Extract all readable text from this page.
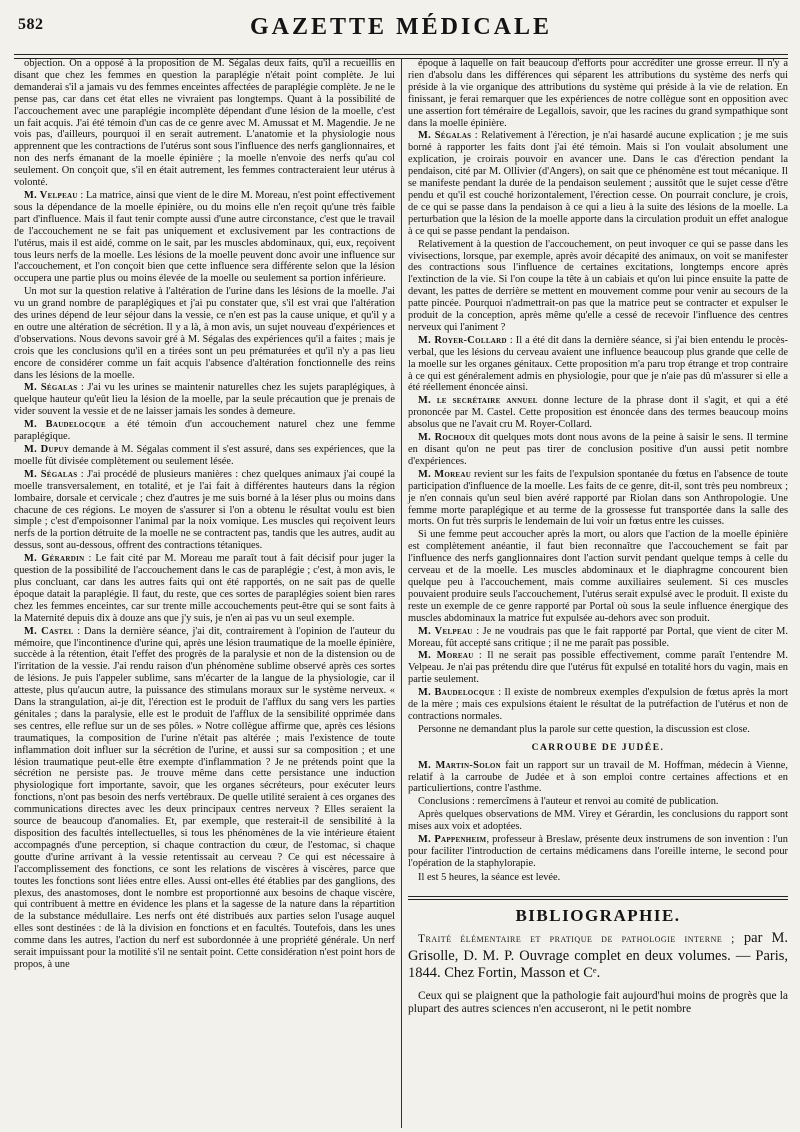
582	GAZETTE MÉDICALE
objection. On a opposé à la proposition de M. Ségalas deux faits, qu'il a recueillis en disant que chez les femmes en question la paraplégie n'était point complète. Je lui demanderai s'il a jamais vu des femmes enceintes affectées de paraplégie complète. Je ne le pense pas, car dans cet état elles ne vivraient pas longtemps. Quant à la possibilité de l'accouchement avec une paraplégie incomplète dépendant d'une lésion de la moelle, c'est un fait acquis. J'ai été témoin d'un cas de ce genre avec M. Amussat et M. Magendie. Je ne vois pas, d'ailleurs, pourquoi il en serait autrement. L'anatomie et la physiologie nous apprennent que les contractions de l'utérus sont sous l'influence des nerfs ganglionnaires, et non des nerfs émanant de la moelle épinière ; la moelle n'envoie des nerfs qu'au col seulement. On conçoit que, s'il en était autrement, les femmes contracteraient leur utérus à volonté.
M. Velpeau : La matrice, ainsi que vient de le dire M. Moreau, n'est point effectivement sous la dépendance de la moelle épinière, ou du moins elle n'en reçoit qu'une très faible part d'influence. Mais il faut tenir compte aussi d'une autre circonstance, c'est que le travail de l'accouchement ne se fait pas uniquement et exclusivement par les contractions de l'utérus, mais il est aidé, comme on le sait, par les muscles abdominaux, qui, eux, reçoivent tous leurs nerfs de la moelle. Les lésions de la moelle peuvent donc avoir une influence sur l'accouchement, et l'on conçoit bien que cette influence sera différente selon que la lésion occupera une partie plus ou moins élevée de la moelle ou seulement sa portion inférieure.
Un mot sur la question relative à l'altération de l'urine dans les lésions de la moelle. J'ai vu un grand nombre de paraplégiques et j'ai pu constater que, s'il est vrai que l'altération des urines dépend de leur séjour dans la vessie, ce n'en est pas la cause unique, et qu'il y a en outre une altération de sécrétion. Il y a là, à mon avis, un sujet nouveau d'expériences et d'observations. Nous devons savoir gré à M. Ségalas des expériences qu'il a faites ; mais je crois que les conclusions qu'il en a tirées sont un peu prématurées et qu'il n'y a pas lieu encore de considérer comme un fait acquis l'absence d'altération fonctionnelle des reins dans les lésions de la moelle.
M. Ségalas : J'ai vu les urines se maintenir naturelles chez les sujets paraplégiques, à quelque hauteur qu'eût lieu la lésion de la moelle, par la seule précaution que je prenais de vider souvent la vessie et de ne laisser jamais les sondes à demeure.
M. Baudelocque a été témoin d'un accouchement naturel chez une femme paraplégique.
M. Dupuy demande à M. Ségalas comment il s'est assuré, dans ses expériences, que la moelle fût divisée complètement ou seulement lésée.
M. Ségalas : J'ai procédé de plusieurs manières : chez quelques animaux j'ai coupé la moelle transversalement, en totalité, et je l'ai fait à différentes hauteurs dans la région lombaire, dorsale et cervicale ; chez d'autres je me suis borné à la léser plus ou moins dans chacune de ces régions. Le moyen de s'assurer si l'on a obtenu le résultat voulu est bien simple ; c'est d'empoisonner l'animal par la noix vomique. Les muscles qui reçoivent leurs nerfs de la portion détruite de la moelle ne se contractent pas, tandis que les autres, audit au dessus, sont au-dessous, offrent des contractions tétaniques.
M. Gérardin : Le fait cité par M. Moreau me paraît tout à fait décisif pour juger la question de la possibilité de l'accouchement dans le cas de paraplégie ; c'est, à mon avis, le plus concluant, car dans les autres faits qui ont été rapportés, on ne sait pas de quelle époque datait la paraplégie. Il faut, du reste, que ces sortes de paraplégies soient bien rares chez les femmes enceintes, car sur trente mille accouchements peut-être qui se sont faits à la Maternité depuis dix à douze ans que j'y suis, je n'en ai pas vu un seul exemple.
M. Castel : Dans la dernière séance, j'ai dit, contrairement à l'opinion de l'auteur du mémoire, que l'incontinence d'urine qui, après une lésion traumatique de la moelle épinière, succède à la rétention, était l'effet des progrès de la paralysie et non de la distension ou de l'irritation de la vessie. J'ai rendu raison d'un phénomène sublime observé après ces sortes de lésions. Je puis l'appeler sublime, sans m'écarter de la langue de la physiologie, car il atteste, plus qu'aucun autre, la puissance des stimulans moraux sur le système nerveux. « Dans la strangulation, ai-je dit, l'érection est le produit de l'afflux du sang vers les parties génitales ; dans la paralysie, elle est le produit de l'afflux de la sensibilité opprimée dans ses centres, elle reflue sur un de ses pôles. » Notre collègue affirme que, après ces lésions traumatiques, la composition de l'urine n'était pas altérée ; mais l'existence de toute inflammation doit influer sur la sécrétion de l'urine, et aussi sur sa composition ; et une lésion traumatique peut-elle être exempte d'inflammation ? Je ne prétends point que la sécrétion ne persiste pas. Je trouve même dans cette persistance une induction physiologique fort importante, savoir, que les organes sécréteurs, pour exécuter leurs fonctions, n'ont pas besoin des nerfs vertébraux. De quelle utilité seraient à ces organes des communications directes avec les deux principaux centres nerveux ? Elles seraient la source de beaucoup d'anomalies. Et, par exemple, que resterait-il de sensibilité à la disposition des facultés intellectuelles, si tous les phénomènes de la vie intérieure étaient accompagnés d'une perception, si chaque contraction du cœur, de l'estomac, si chaque goutte d'urine arrivant à la vessie retentissait au cerveau ? Ce qui est nécessaire à l'accomplissement des fonctions, ce sont les relations de viscères à viscères, parce que toutes les fonctions sont liées entre elles. Aussi ont-elles été établies par des ganglions, des plexus, des anastomoses, dont le nombre est proportionné aux besoins de chaque viscère, qui contribuent à mettre en évidence les plans et la sagesse de la nature dans la répartition de la substance médullaire. Les nerfs ont été distribués aux parties selon l'usage auquel elles sont destinées : de là la division en fonctions et en facultés. Toutefois, dans les unes comme dans les autres, l'action du nerf est subordonnée à une propriété générale. Un nerf serait impuissant pour la motilité s'il ne sentait point. Cette considération n'est point hors de propos, à une
époque à laquelle on fait beaucoup d'efforts pour accréditer une grosse erreur. Il n'y a rien d'absolu dans les différences qui séparent les attributions du système des nerfs qui préside à la vie organique des attributions du système qui préside à la vie de relation. En finissant, je ferai remarquer que les expériences de notre collègue sont en opposition avec une assertion fort téméraire de Legallois, savoir, que les racines du grand sympathique sont dans la moelle épinière.
M. Ségalas : Relativement à l'érection, je n'ai hasardé aucune explication ; je me suis borné à rapporter les faits dont j'ai été témoin. Mais si l'on voulait absolument une explication, je croirais pouvoir en avancer une. Dans le cas d'érection pendant la pendaison, cité par M. Ollivier (d'Angers), on sait que ce phénomène est tout mécanique. Il se manifeste pendant la durée de la pendaison seulement ; aussitôt que le sujet cesse d'être pendu et qu'il est couché horizontalement, l'érection cesse. On pourrait conclure, je crois, de ce qui se passe dans la pendaison à ce qui a lieu à la suite des lésions de la moelle. La perturbation que la lésion de la moelle apporte dans la circulation produit un effet analogue à ce qui se passe pendant la pendaison.
Relativement à la question de l'accouchement, on peut invoquer ce qui se passe dans les vivisections, lorsque, par exemple, après avoir décapité des animaux, on voit se manifester des contractions sous l'influence de certaines excitations, longtemps encore après l'extinction de la vie. Si l'on coupe la tête à un cabiais et qu'on lui pince ensuite la patte de devant, les pattes de derrière se mettent en mouvement comme pour venir au secours de la patte pincée. Pourquoi n'admettrait-on pas que la matrice peut se contracter et expulser le produit de la conception, après même qu'elle a cessé de recevoir l'influence des centres nerveux qui l'animent ?
M. Royer-Collard : Il a été dit dans la dernière séance, si j'ai bien entendu le procès-verbal, que les lésions du cerveau avaient une influence beaucoup plus grande que celle de la moelle sur les organes génitaux. Cette proposition m'a paru trop étrange et trop contraire à ce qui est généralement admis en physiologie, pour que je n'aie pas dû m'assurer si elle a été réellement énoncée ainsi.
M. le secrétaire annuel donne lecture de la phrase dont il s'agit, et qui a été prononcée par M. Castel. Cette proposition est énoncée dans des termes beaucoup moins absolus que ne l'avait cru M. Royer-Collard.
M. Rochoux dit quelques mots dont nous avons de la peine à saisir le sens. Il termine en disant qu'on ne peut pas tirer de conclusion positive d'un aussi petit nombre d'expériences.
M. Moreau revient sur les faits de l'expulsion spontanée du fœtus en l'absence de toute participation d'influence de la moelle. Les faits de ce genre, dit-il, sont très peu nombreux ; je n'en connais qu'un seul bien avéré rapporté par Riolan dans son Anthropologie. Une femme morte paraplégique et au terme de la grossesse fut transportée dans la salle des morts. On fut très surpris le lendemain de lui voir un fœtus entre les cuisses.
Si une femme peut accoucher après la mort, ou alors que l'action de la moelle épinière est complètement anéantie, il faut bien reconnaître que l'accouchement se fait par l'influence des nerfs ganglionnaires dont l'action survit pendant quelque temps à celle du cerveau et de la moelle. Les muscles abdominaux et le diaphragme concourent bien quelque peu à l'accouchement, mais comme auxiliaires seulement. Si ces muscles pouvaient produire seuls l'accouchement, l'utérus serait expulsé avec le produit. Il existe du reste un exemple de ce genre rapporté par Portal où sous la seule influence énergique des muscles abdominaux la matrice fut expulsée au-dehors avec son produit.
M. Velpeau : Je ne voudrais pas que le fait rapporté par Portal, que vient de citer M. Moreau, fût accepté sans critique ; il ne me paraît pas possible.
M. Moreau : Il ne serait pas possible effectivement, comme paraît l'entendre M. Velpeau. Je n'ai pas prétendu dire que l'utérus fût expulsé en totalité hors du vagin, mais en partie seulement.
M. Baudelocque : Il existe de nombreux exemples d'expulsion de fœtus après la mort de la mère ; mais ces expulsions étaient le résultat de la putréfaction de l'utérus et non de contractions normales.
Personne ne demandant plus la parole sur cette question, la discussion est close.
CARROUBE DE JUDÉE.
M. Martin-Solon fait un rapport sur un travail de M. Hoffman, médecin à Vienne, relatif à la carroube de Judée et à son emploi contre certaines affections et en particuliertions, contre l'asthme.
Conclusions : remercîmens à l'auteur et renvoi au comité de publication.
Après quelques observations de MM. Virey et Gérardin, les conclusions du rapport sont mises aux voix et adoptées.
M. Pappenheim, professeur à Breslaw, présente deux instrumens de son invention : l'un pour faciliter l'introduction de certains médicamens dans l'oreille interne, le second pour l'opération de la staphylorapie.
Il est 5 heures, la séance est levée.
BIBLIOGRAPHIE.
Traité élémentaire et pratique de pathologie interne ; par M. Grisolle, D. M. P. Ouvrage complet en deux volumes. — Paris, 1844. Chez Fortin, Masson et Cᵉ.
Ceux qui se plaignent que la pathologie fait aujourd'hui moins de progrès que la plupart des autres sciences n'en accuseront, ni le petit nombre
